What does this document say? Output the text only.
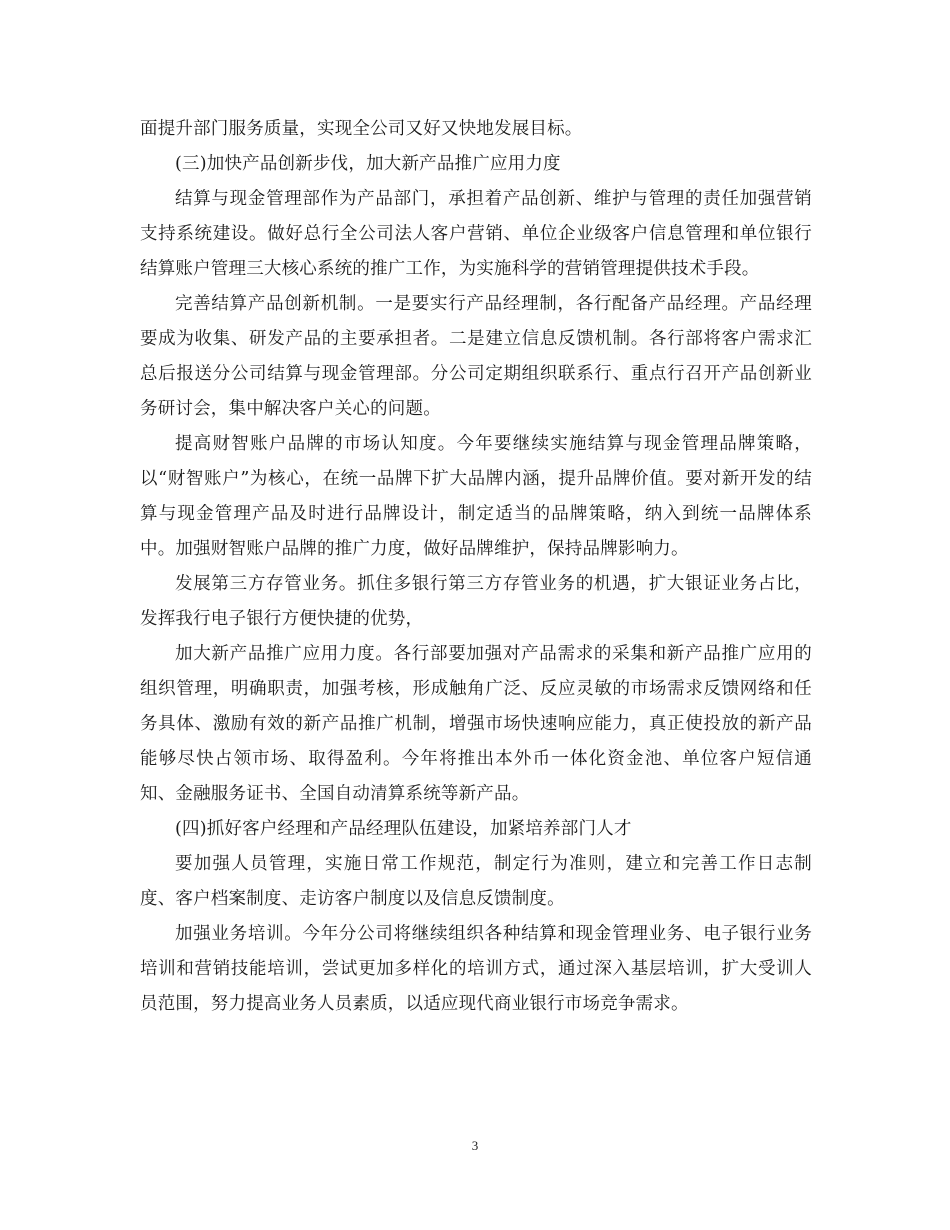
面提升部门服务质量，实现全公司又好又快地发展目标。

(三)加快产品创新步伐，加大新产品推广应用力度

结算与现金管理部作为产品部门，承担着产品创新、维护与管理的责任加强营销支持系统建设。做好总行全公司法人客户营销、单位企业级客户信息管理和单位银行结算账户管理三大核心系统的推广工作，为实施科学的营销管理提供技术手段。

完善结算产品创新机制。一是要实行产品经理制，各行配备产品经理。产品经理要成为收集、研发产品的主要承担者。二是建立信息反馈机制。各行部将客户需求汇总后报送分公司结算与现金管理部。分公司定期组织联系行、重点行召开产品创新业务研讨会，集中解决客户关心的问题。

提高财智账户品牌的市场认知度。今年要继续实施结算与现金管理品牌策略，以“财智账户”为核心，在统一品牌下扩大品牌内涵，提升品牌价值。要对新开发的结算与现金管理产品及时进行品牌设计，制定适当的品牌策略，纳入到统一品牌体系中。加强财智账户品牌的推广力度，做好品牌维护，保持品牌影响力。

发展第三方存管业务。抓住多银行第三方存管业务的机遇，扩大银证业务占比，发挥我行电子银行方便快捷的优势，

加大新产品推广应用力度。各行部要加强对产品需求的采集和新产品推广应用的组织管理，明确职责，加强考核，形成触角广泛、反应灵敏的市场需求反馈网络和任务具体、激励有效的新产品推广机制，增强市场快速响应能力，真正使投放的新产品能够尽快占领市场、取得盈利。今年将推出本外币一体化资金池、单位客户短信通知、金融服务证书、全国自动清算系统等新产品。

(四)抓好客户经理和产品经理队伍建设，加紧培养部门人才

要加强人员管理，实施日常工作规范，制定行为准则，建立和完善工作日志制度、客户档案制度、走访客户制度以及信息反馈制度。

加强业务培训。今年分公司将继续组织各种结算和现金管理业务、电子银行业务培训和营销技能培训，尝试更加多样化的培训方式，通过深入基层培训，扩大受训人员范围，努力提高业务人员素质，以适应现代商业银行市场竞争需求。

3
